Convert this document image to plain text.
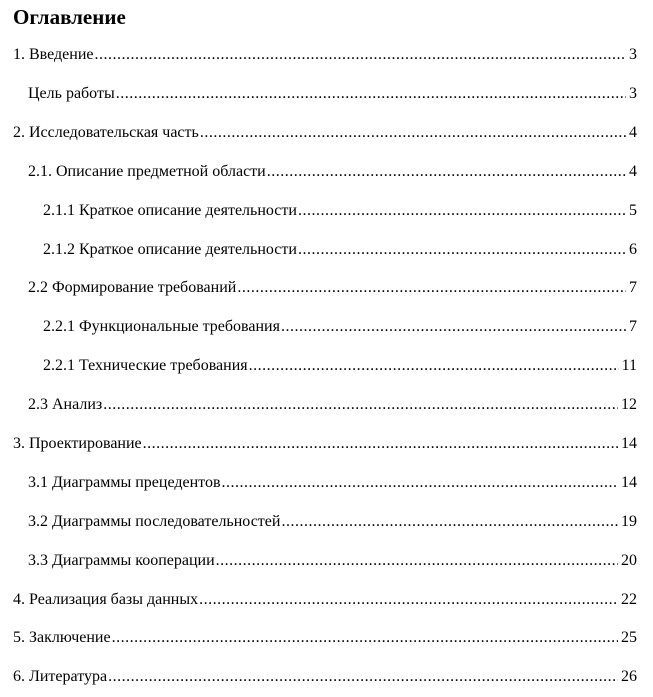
Оглавление
1. Введение .....	3
Цель работы .....	3
2. Исследовательская часть .....	4
2.1. Описание предметной области .....	4
2.1.1 Краткое описание деятельности .....	5
2.1.2 Краткое описание деятельности .....	6
2.2 Формирование требований .....	7
2.2.1 Функциональные требования .....	7
2.2.1 Технические требования .....	11
2.3 Анализ .....	12
3. Проектирование .....	14
3.1 Диаграммы прецедентов .....	14
3.2 Диаграммы последовательностей .....	19
3.3 Диаграммы кооперации .....	20
4. Реализация базы данных .....	22
5. Заключение .....	25
6. Литература .....	26
